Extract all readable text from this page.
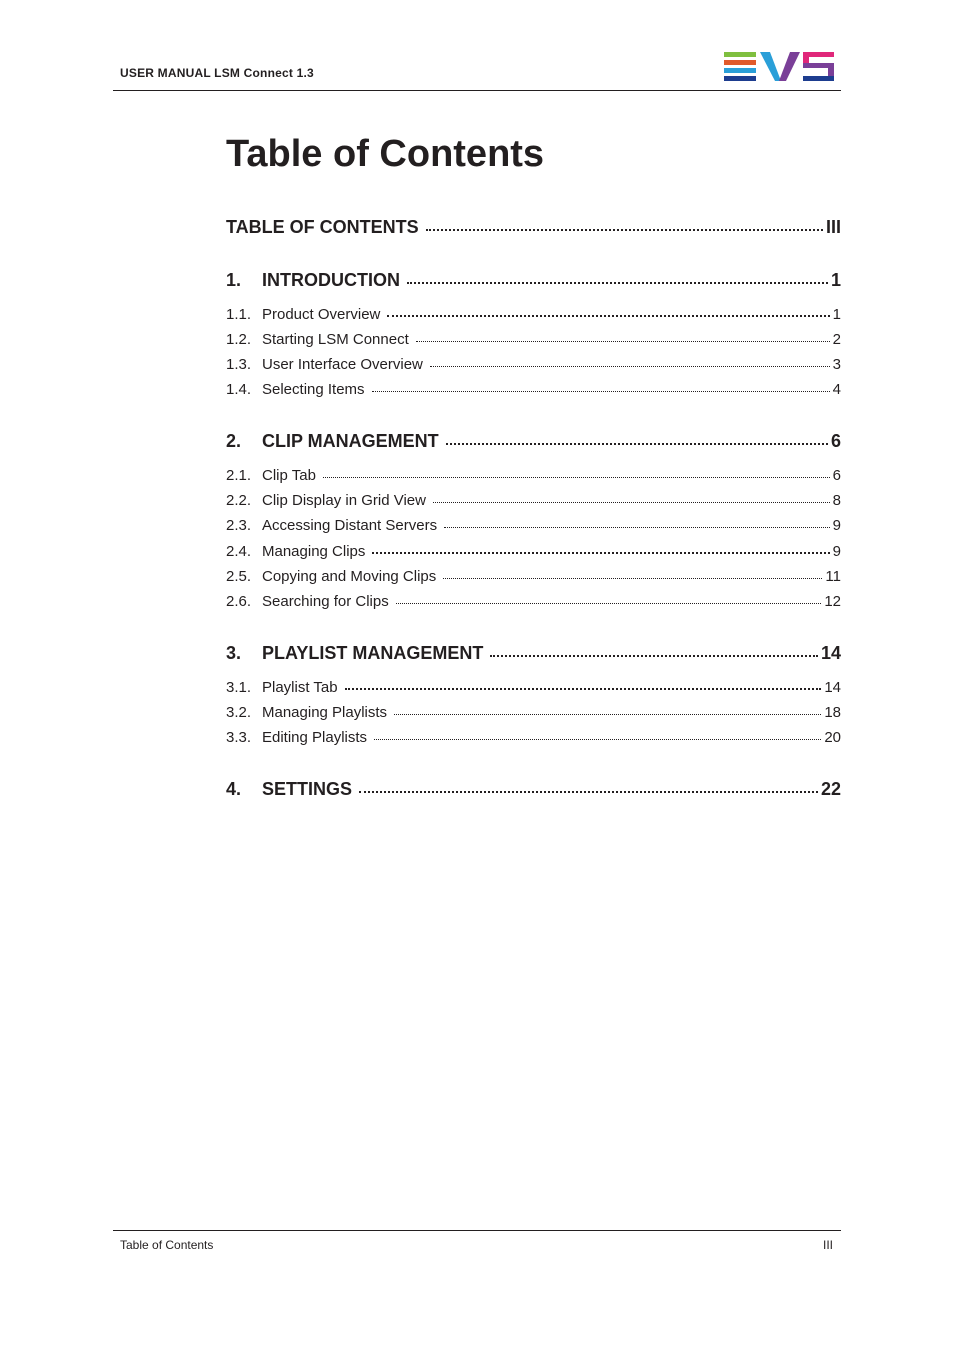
USER MANUAL LSM Connect 1.3
Table of Contents
TABLE OF CONTENTS	III
1.	INTRODUCTION	1
1.1. Product Overview	1
1.2. Starting LSM Connect	2
1.3. User Interface Overview	3
1.4. Selecting Items	4
2.	CLIP MANAGEMENT	6
2.1. Clip Tab	6
2.2. Clip Display in Grid View	8
2.3. Accessing Distant Servers	9
2.4. Managing Clips	9
2.5. Copying and Moving Clips	11
2.6. Searching for Clips	12
3.	PLAYLIST MANAGEMENT	14
3.1. Playlist Tab	14
3.2. Managing Playlists	18
3.3. Editing Playlists	20
4.	SETTINGS	22
Table of Contents	III
